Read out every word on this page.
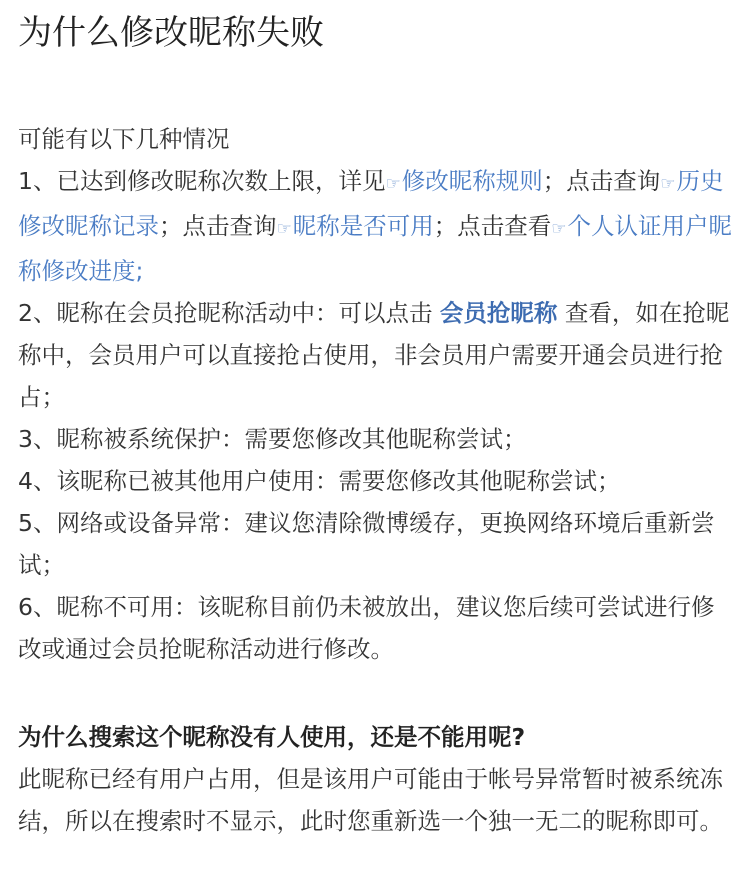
为什么修改昵称失败

可能有以下几种情况

1、已达到修改昵称次数上限，详见☞修改昵称规则；点击查询☞历史修改昵称记录；点击查询☞昵称是否可用；点击查看☞个人认证用户昵称修改进度;
2、昵称在会员抢昵称活动中：可以点击 会员抢昵称 查看，如在抢昵称中，会员用户可以直接抢占使用，非会员用户需要开通会员进行抢占；
3、昵称被系统保护：需要您修改其他昵称尝试；
4、该昵称已被其他用户使用：需要您修改其他昵称尝试；
5、网络或设备异常：建议您清除微博缓存，更换网络环境后重新尝试；
6、昵称不可用：该昵称目前仍未被放出，建议您后续可尝试进行修改或通过会员抢昵称活动进行修改。

为什么搜索这个昵称没有人使用，还是不能用呢?

此昵称已经有用户占用，但是该用户可能由于帐号异常暂时被系统冻结，所以在搜索时不显示，此时您重新选一个独一无二的昵称即可。
